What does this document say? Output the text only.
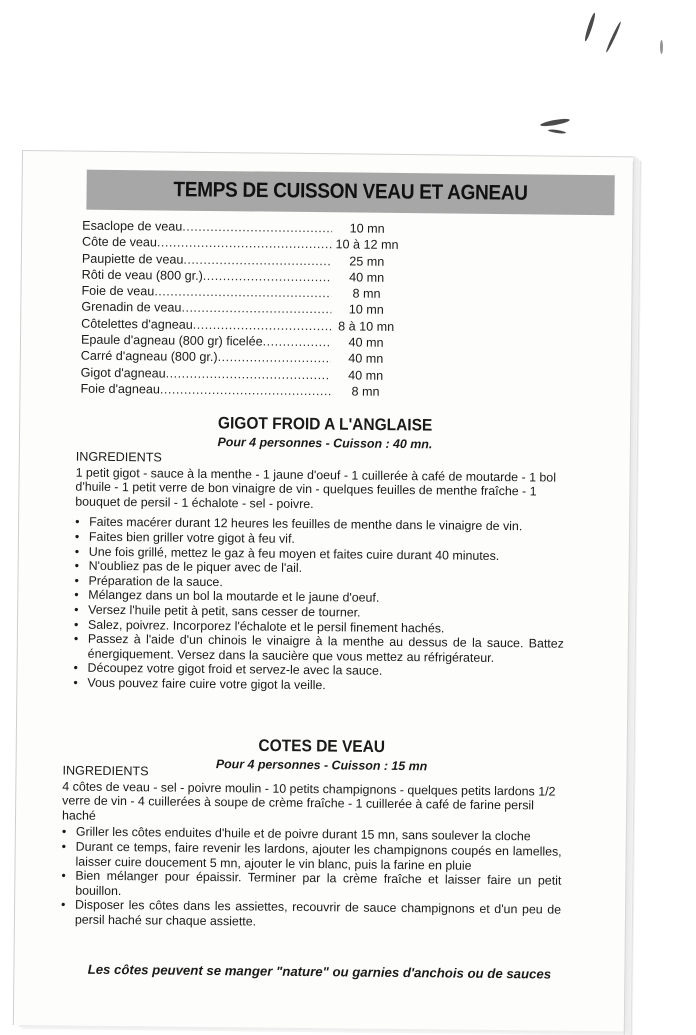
TEMPS DE CUISSON VEAU ET AGNEAU
Esaclope de veau .....	10 mn
Côte de veau .....	10 à 12 mn
Paupiette de veau .....	25 mn
Rôti de veau (800 gr.) .....	40 mn
Foie de veau .....	8 mn
Grenadin de veau .....	10 mn
Côtelettes d'agneau .....	8 à 10 mn
Epaule d'agneau (800 gr) ficelée .....	40 mn
Carré d'agneau (800 gr.) .....	40 mn
Gigot d'agneau .....	40 mn
Foie d'agneau .....	8 mn
GIGOT FROID A L'ANGLAISE
Pour 4 personnes - Cuisson : 40 mn.
INGREDIENTS
1 petit gigot - sauce à la menthe - 1 jaune d'oeuf - 1 cuillerée à café de moutarde - 1 bol d'huile - 1 petit verre de bon vinaigre de vin - quelques feuilles de menthe fraîche - 1 bouquet de persil - 1 échalote - sel - poivre.
• Faites macérer durant 12 heures les feuilles de menthe dans le vinaigre de vin.
• Faites bien griller votre gigot à feu vif.
• Une fois grillé, mettez le gaz à feu moyen et faites cuire durant 40 minutes.
• N'oubliez pas de le piquer avec de l'ail.
• Préparation de la sauce.
• Mélangez dans un bol la moutarde et le jaune d'oeuf.
• Versez l'huile petit à petit, sans cesser de tourner.
• Salez, poivrez. Incorporez l'échalote et le persil finement hachés.
• Passez à l'aide d'un chinois le vinaigre à la menthe au dessus de la sauce. Battez énergiquement. Versez dans la saucière que vous mettez au réfrigérateur.
• Découpez votre gigot froid et servez-le avec la sauce.
• Vous pouvez faire cuire votre gigot la veille.
COTES DE VEAU
Pour 4 personnes - Cuisson : 15 mn
INGREDIENTS
4 côtes de veau - sel - poivre moulin - 10 petits champignons - quelques petits lardons 1/2 verre de vin - 4 cuillerées à soupe de crème fraîche - 1 cuillerée à café de farine persil haché
• Griller les côtes enduites d'huile et de poivre durant 15 mn, sans soulever la cloche
• Durant ce temps, faire revenir les lardons, ajouter les champignons coupés en lamelles, laisser cuire doucement 5 mn, ajouter le vin blanc, puis la farine en pluie
• Bien mélanger pour épaissir. Terminer par la crème fraîche et laisser faire un petit bouillon.
• Disposer les côtes dans les assiettes, recouvrir de sauce champignons et d'un peu de persil haché sur chaque assiette.
Les côtes peuvent se manger "nature" ou garnies d'anchois ou de sauces
